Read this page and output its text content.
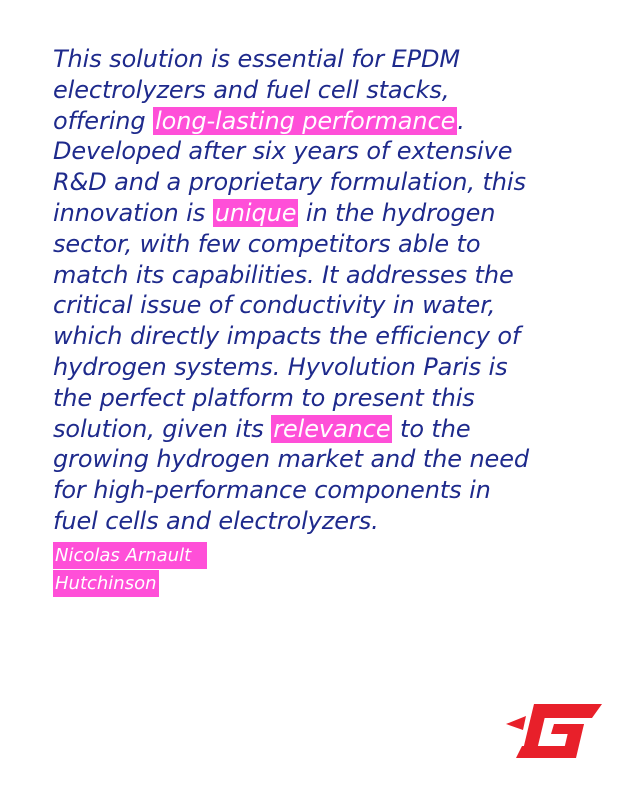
This solution is essential for EPDM
electrolyzers and fuel cell stacks,
offering long-lasting performance.
Developed after six years of extensive
R&D and a proprietary formulation, this
innovation is unique in the hydrogen
sector, with few competitors able to
match its capabilities. It addresses the
critical issue of conductivity in water,
which directly impacts the efficiency of
hydrogen systems. Hyvolution Paris is
the perfect platform to present this
solution, given its relevance to the
growing hydrogen market and the need
for high-performance components in
fuel cells and electrolyzers.
Nicolas Arnault
Hutchinson
